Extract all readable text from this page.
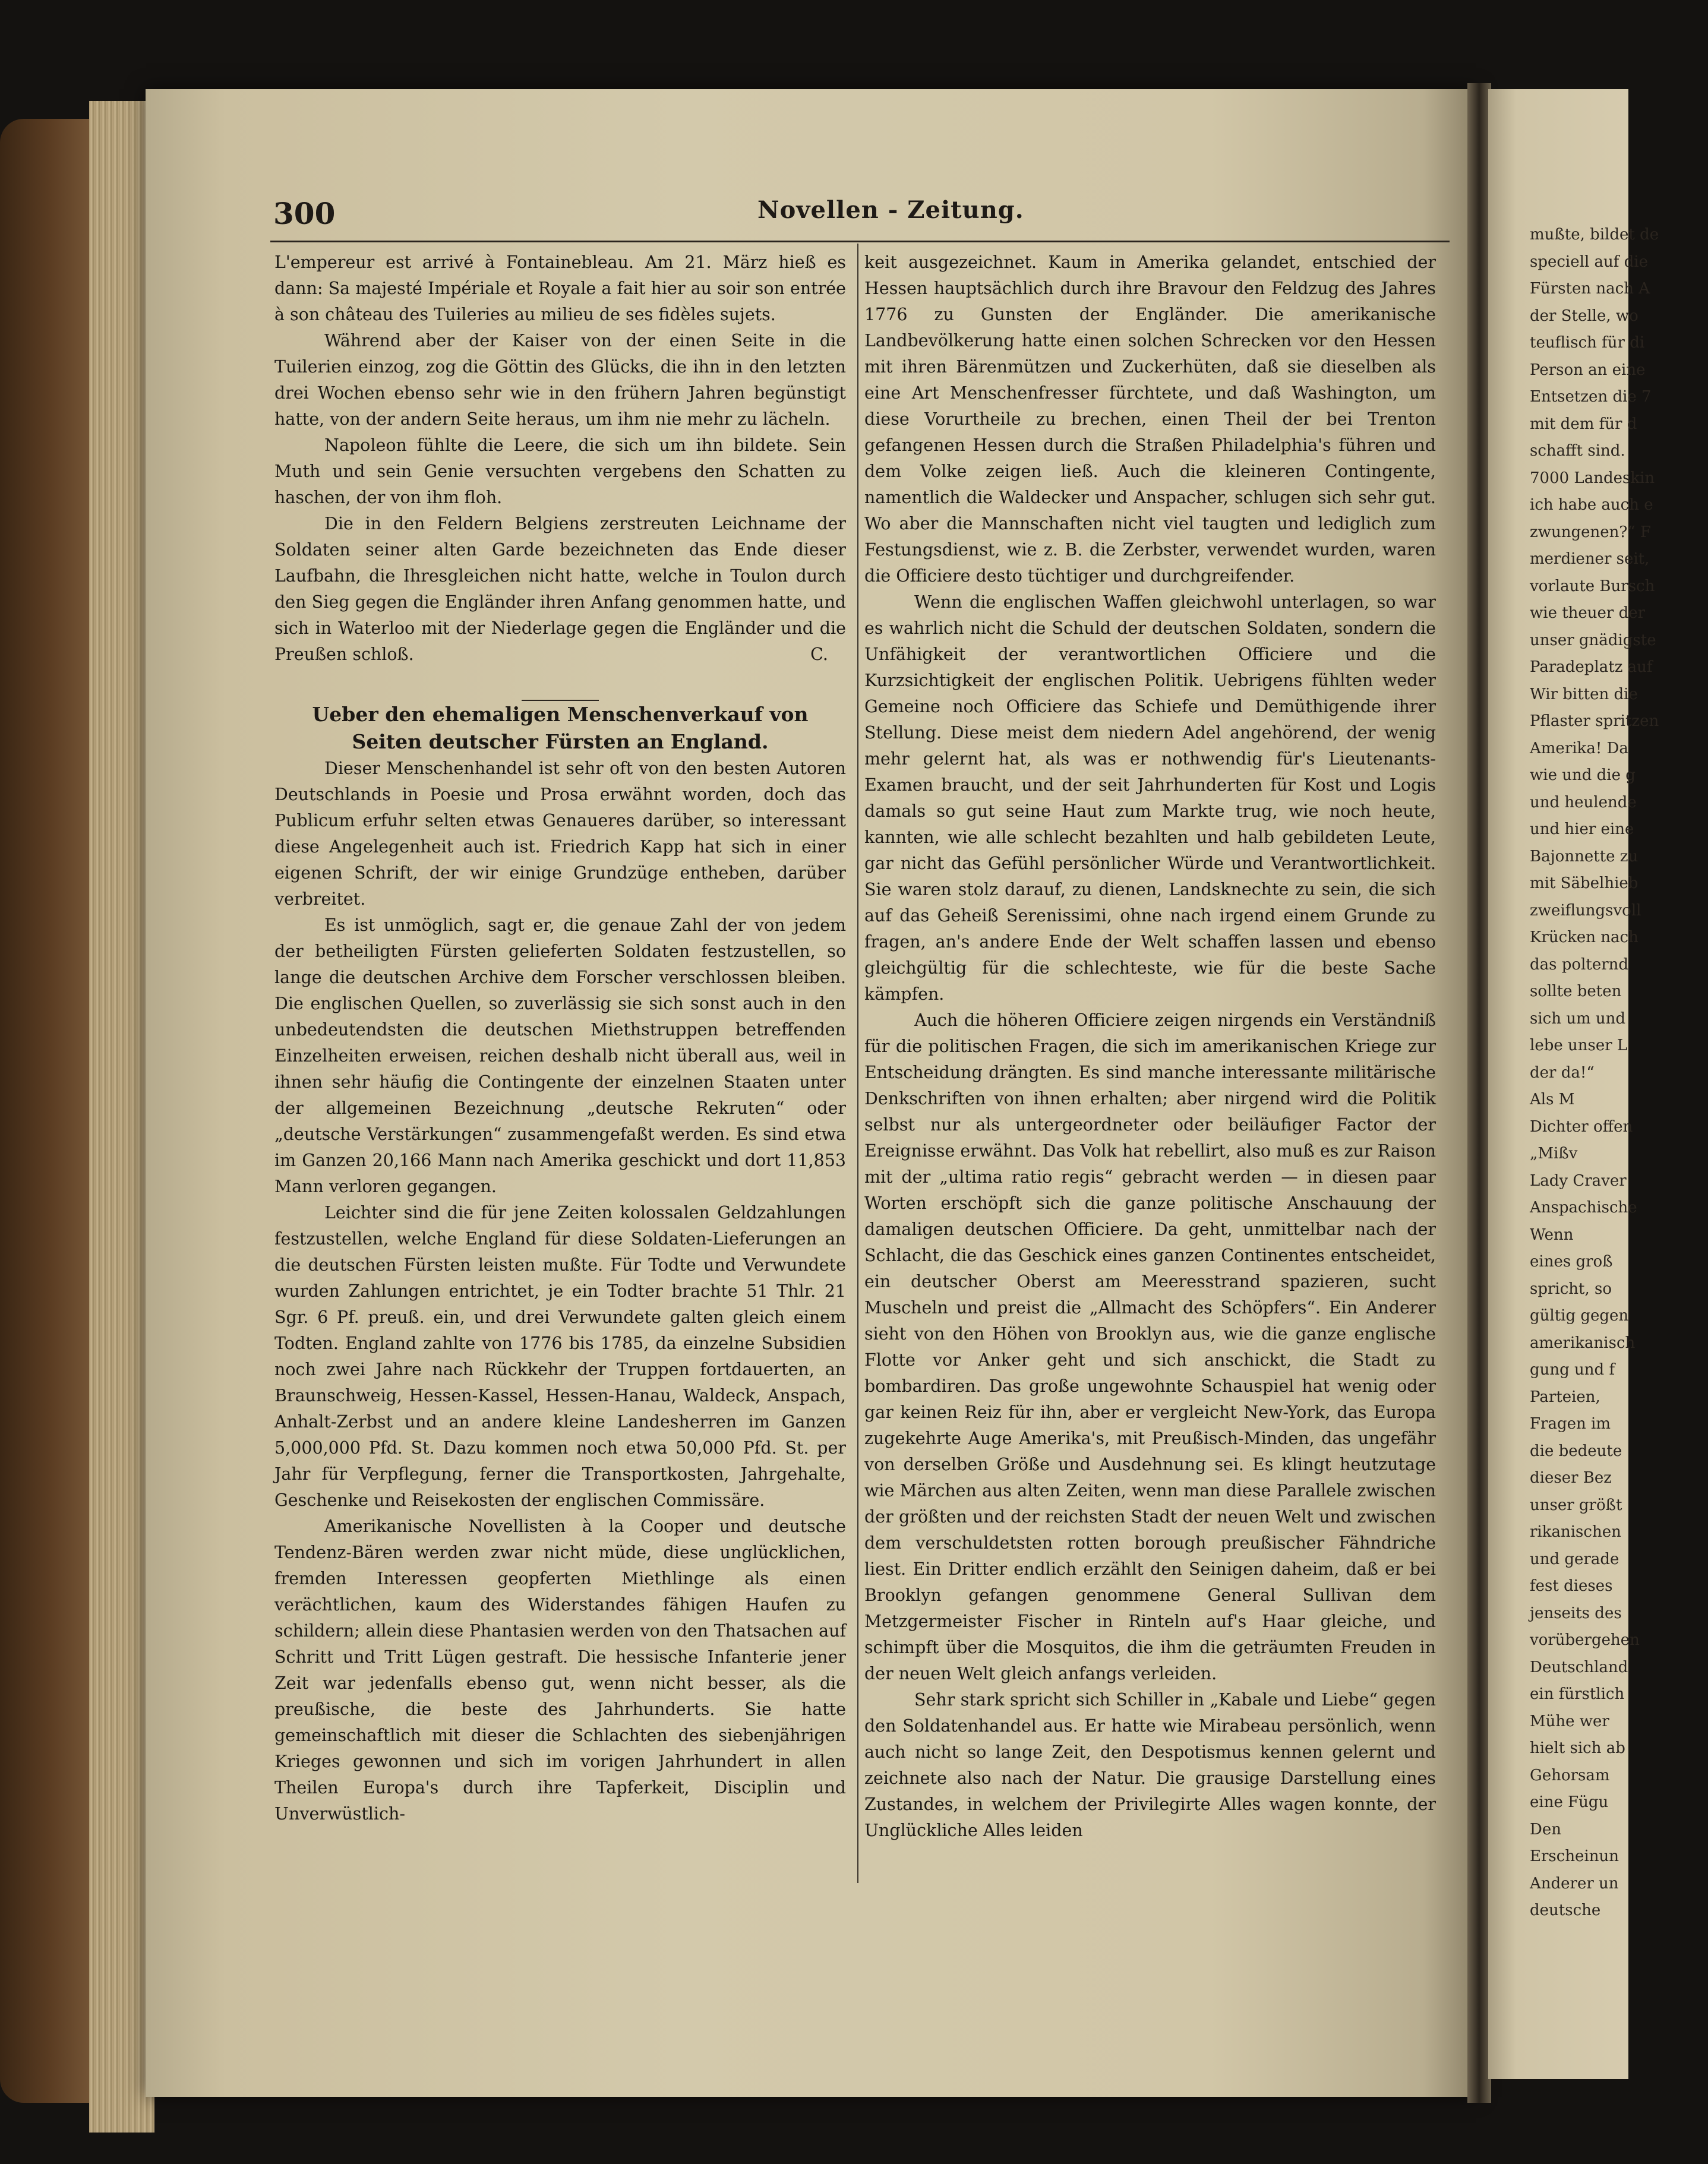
mußte, bildet de
speciell auf die
Fürsten nach A
der Stelle, wo
teuflisch für di
Person an eine
Entsetzen die 7
mit dem für d
schafft sind.
7000 Landeskin
ich habe auch e
zwungenen?“ F
merdiener seit,
vorlaute Bursch
wie theuer der
unser gnädigste
Paradeplatz auf
Wir bitten die
Pflaster spritzen
Amerika! Da
wie und die g
und heulende
und hier eine
Bajonnette zu
mit Säbelhieb
zweiflungsvoll
Krücken nach
das polternd
sollte beten
sich um und
lebe unser L
der da!“
Als M
Dichter offen
„Mißv
Lady Craver
Anspachische
Wenn
eines groß
spricht, so
gültig gegen
amerikanisch
gung und f
Parteien,
Fragen im
die bedeute
dieser Bez
unser größt
rikanischen
und gerade
fest dieses
jenseits des
vorübergehen
Deutschland
ein fürstlich
Mühe wer
hielt sich ab
Gehorsam
eine Fügu
Den
Erscheinun
Anderer un
deutsche
300	Novellen - Zeitung.

L'empereur est arrivé à Fontainebleau. Am 21. März hieß es dann: Sa majesté Impériale et Royale a fait hier au soir son entrée à son château des Tuileries au milieu de ses fidèles sujets.

Während aber der Kaiser von der einen Seite in die Tuilerien einzog, zog die Göttin des Glücks, die ihn in den letzten drei Wochen ebenso sehr wie in den frühern Jahren begünstigt hatte, von der andern Seite heraus, um ihm nie mehr zu lächeln.

Napoleon fühlte die Leere, die sich um ihn bildete. Sein Muth und sein Genie versuchten vergebens den Schatten zu haschen, der von ihm floh.

Die in den Feldern Belgiens zerstreuten Leichname der Soldaten seiner alten Garde bezeichneten das Ende dieser Laufbahn, die Ihresgleichen nicht hatte, welche in Toulon durch den Sieg gegen die Engländer ihren Anfang genommen hatte, und sich in Waterloo mit der Niederlage gegen die Engländer und die Preußen schloß.	C.

Ueber den ehemaligen Menschenverkauf von Seiten deutscher Fürsten an England.

Dieser Menschenhandel ist sehr oft von den besten Autoren Deutschlands in Poesie und Prosa erwähnt worden, doch das Publicum erfuhr selten etwas Genaueres darüber, so interessant diese Angelegenheit auch ist. Friedrich Kapp hat sich in einer eigenen Schrift, der wir einige Grundzüge entheben, darüber verbreitet.

Es ist unmöglich, sagt er, die genaue Zahl der von jedem der betheiligten Fürsten gelieferten Soldaten festzustellen, so lange die deutschen Archive dem Forscher verschlossen bleiben. Die englischen Quellen, so zuverlässig sie sich sonst auch in den unbedeutendsten die deutschen Miethstruppen betreffenden Einzelheiten erweisen, reichen deshalb nicht überall aus, weil in ihnen sehr häufig die Contingente der einzelnen Staaten unter der allgemeinen Bezeichnung „deutsche Rekruten“ oder „deutsche Verstärkungen“ zusammengefaßt werden. Es sind etwa im Ganzen 20,166 Mann nach Amerika geschickt und dort 11,853 Mann verloren gegangen.

Leichter sind die für jene Zeiten kolossalen Geldzahlungen festzustellen, welche England für diese Soldaten-Lieferungen an die deutschen Fürsten leisten mußte. Für Todte und Verwundete wurden Zahlungen entrichtet, je ein Todter brachte 51 Thlr. 21 Sgr. 6 Pf. preuß. ein, und drei Verwundete galten gleich einem Todten. England zahlte von 1776 bis 1785, da einzelne Subsidien noch zwei Jahre nach Rückkehr der Truppen fortdauerten, an Braunschweig, Hessen-Kassel, Hessen-Hanau, Waldeck, Anspach, Anhalt-Zerbst und an andere kleine Landesherren im Ganzen 5,000,000 Pfd. St. Dazu kommen noch etwa 50,000 Pfd. St. per Jahr für Verpflegung, ferner die Transportkosten, Jahrgehalte, Geschenke und Reisekosten der englischen Commissäre.

Amerikanische Novellisten à la Cooper und deutsche Tendenz-Bären werden zwar nicht müde, diese unglücklichen, fremden Interessen geopferten Miethlinge als einen verächtlichen, kaum des Widerstandes fähigen Haufen zu schildern; allein diese Phantasien werden von den Thatsachen auf Schritt und Tritt Lügen gestraft. Die hessische Infanterie jener Zeit war jedenfalls ebenso gut, wenn nicht besser, als die preußische, die beste des Jahrhunderts. Sie hatte gemeinschaftlich mit dieser die Schlachten des siebenjährigen Krieges gewonnen und sich im vorigen Jahrhundert in allen Theilen Europa's durch ihre Tapferkeit, Disciplin und Unverwüstlich-

keit ausgezeichnet. Kaum in Amerika gelandet, entschied der Hessen hauptsächlich durch ihre Bravour den Feldzug des Jahres 1776 zu Gunsten der Engländer. Die amerikanische Landbevölkerung hatte einen solchen Schrecken vor den Hessen mit ihren Bärenmützen und Zuckerhüten, daß sie dieselben als eine Art Menschenfresser fürchtete, und daß Washington, um diese Vorurtheile zu brechen, einen Theil der bei Trenton gefangenen Hessen durch die Straßen Philadelphia's führen und dem Volke zeigen ließ. Auch die kleineren Contingente, namentlich die Waldecker und Anspacher, schlugen sich sehr gut. Wo aber die Mannschaften nicht viel taugten und lediglich zum Festungsdienst, wie z. B. die Zerbster, verwendet wurden, waren die Officiere desto tüchtiger und durchgreifender.

Wenn die englischen Waffen gleichwohl unterlagen, so war es wahrlich nicht die Schuld der deutschen Soldaten, sondern die Unfähigkeit der verantwortlichen Officiere und die Kurzsichtigkeit der englischen Politik. Uebrigens fühlten weder Gemeine noch Officiere das Schiefe und Demüthigende ihrer Stellung. Diese meist dem niedern Adel angehörend, der wenig mehr gelernt hat, als was er nothwendig für's Lieutenants-Examen braucht, und der seit Jahrhunderten für Kost und Logis damals so gut seine Haut zum Markte trug, wie noch heute, kannten, wie alle schlecht bezahlten und halb gebildeten Leute, gar nicht das Gefühl persönlicher Würde und Verantwortlichkeit. Sie waren stolz darauf, zu dienen, Landsknechte zu sein, die sich auf das Geheiß Serenissimi, ohne nach irgend einem Grunde zu fragen, an's andere Ende der Welt schaffen lassen und ebenso gleichgültig für die schlechteste, wie für die beste Sache kämpfen.

Auch die höheren Officiere zeigen nirgends ein Verständniß für die politischen Fragen, die sich im amerikanischen Kriege zur Entscheidung drängten. Es sind manche interessante militärische Denkschriften von ihnen erhalten; aber nirgend wird die Politik selbst nur als untergeordneter oder beiläufiger Factor der Ereignisse erwähnt. Das Volk hat rebellirt, also muß es zur Raison mit der „ultima ratio regis“ gebracht werden — in diesen paar Worten erschöpft sich die ganze politische Anschauung der damaligen deutschen Officiere. Da geht, unmittelbar nach der Schlacht, die das Geschick eines ganzen Continentes entscheidet, ein deutscher Oberst am Meeresstrand spazieren, sucht Muscheln und preist die „Allmacht des Schöpfers“. Ein Anderer sieht von den Höhen von Brooklyn aus, wie die ganze englische Flotte vor Anker geht und sich anschickt, die Stadt zu bombardiren. Das große ungewohnte Schauspiel hat wenig oder gar keinen Reiz für ihn, aber er vergleicht New-York, das Europa zugekehrte Auge Amerika's, mit Preußisch-Minden, das ungefähr von derselben Größe und Ausdehnung sei. Es klingt heutzutage wie Märchen aus alten Zeiten, wenn man diese Parallele zwischen der größten und der reichsten Stadt der neuen Welt und zwischen dem verschuldetsten rotten borough preußischer Fähndriche liest. Ein Dritter endlich erzählt den Seinigen daheim, daß er bei Brooklyn gefangen genommene General Sullivan dem Metzgermeister Fischer in Rinteln auf's Haar gleiche, und schimpft über die Mosquitos, die ihm die geträumten Freuden in der neuen Welt gleich anfangs verleiden.

Sehr stark spricht sich Schiller in „Kabale und Liebe“ gegen den Soldatenhandel aus. Er hatte wie Mirabeau persönlich, wenn auch nicht so lange Zeit, den Despotismus kennen gelernt und zeichnete also nach der Natur. Die grausige Darstellung eines Zustandes, in welchem der Privilegirte Alles wagen konnte, der Unglückliche Alles leiden
